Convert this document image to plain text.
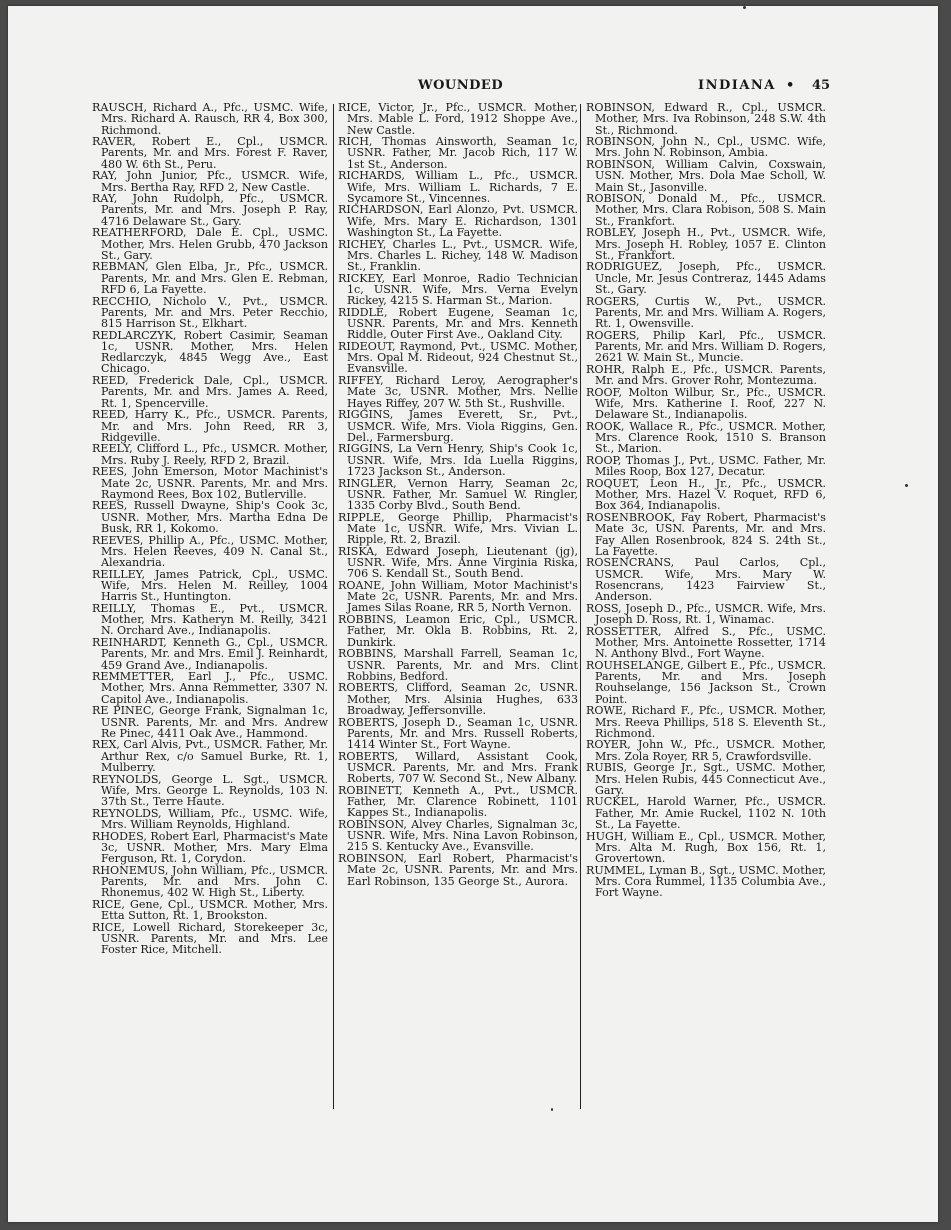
WOUNDED	INDIANA • 45

RAUSCH, Richard A., Pfc., USMC. Wife, Mrs. Richard A. Rausch, RR 4, Box 300, Richmond.

RAVER, Robert E., Cpl., USMCR. Parents, Mr. and Mrs. Forest F. Raver, 480 W. 6th St., Peru.

RAY, John Junior, Pfc., USMCR. Wife, Mrs. Bertha Ray, RFD 2, New Castle.

RAY, John Rudolph, Pfc., USMCR. Parents, Mr. and Mrs. Joseph P. Ray, 4716 Delaware St., Gary.

REATHERFORD, Dale E. Cpl., USMC. Mother, Mrs. Helen Grubb, 470 Jackson St., Gary.

REBMAN, Glen Elba, Jr., Pfc., USMCR. Parents, Mr. and Mrs. Glen E. Rebman, RFD 6, La Fayette.

RECCHIO, Nicholo V., Pvt., USMCR. Parents, Mr. and Mrs. Peter Recchio, 815 Harrison St., Elkhart.

REDLARCZYK, Robert Casimir, Seaman 1c, USNR. Mother, Mrs. Helen Redlarczyk, 4845 Wegg Ave., East Chicago.

REED, Frederick Dale, Cpl., USMCR. Parents, Mr. and Mrs. James A. Reed, Rt. 1, Spencerville.

REED, Harry K., Pfc., USMCR. Parents, Mr. and Mrs. John Reed, RR 3, Ridgeville.

REELY, Clifford L., Pfc., USMCR. Mother, Mrs. Ruby J. Reely, RFD 2, Brazil.

REES, John Emerson, Motor Machinist's Mate 2c, USNR. Parents, Mr. and Mrs. Raymond Rees, Box 102, Butlerville.

REES, Russell Dwayne, Ship's Cook 3c, USNR. Mother, Mrs. Martha Edna De Busk, RR 1, Kokomo.

REEVES, Phillip A., Pfc., USMC. Mother, Mrs. Helen Reeves, 409 N. Canal St., Alexandria.

REILLEY, James Patrick, Cpl., USMC. Wife, Mrs. Helen M. Reilley, 1004 Harris St., Huntington.

REILLY, Thomas E., Pvt., USMCR. Mother, Mrs. Katheryn M. Reilly, 3421 N. Orchard Ave., Indianapolis.

REINHARDT, Kenneth G., Cpl., USMCR. Parents, Mr. and Mrs. Emil J. Reinhardt, 459 Grand Ave., Indianapolis.

REMMETTER, Earl J., Pfc., USMC. Mother, Mrs. Anna Remmetter, 3307 N. Capitol Ave., Indianapolis.

RE PINEC, George Frank, Signalman 1c, USNR. Parents, Mr. and Mrs. Andrew Re Pinec, 4411 Oak Ave., Hammond.

REX, Carl Alvis, Pvt., USMCR. Father, Mr. Arthur Rex, c/o Samuel Burke, Rt. 1, Mulberry.

REYNOLDS, George L. Sgt., USMCR. Wife, Mrs. George L. Reynolds, 103 N. 37th St., Terre Haute.

REYNOLDS, William, Pfc., USMC. Wife, Mrs. William Reynolds, Highland.

RHODES, Robert Earl, Pharmacist's Mate 3c, USNR. Mother, Mrs. Mary Elma Ferguson, Rt. 1, Corydon.

RHONEMUS, John William, Pfc., USMCR. Parents, Mr. and Mrs. John C. Rhonemus, 402 W. High St., Liberty.

RICE, Gene, Cpl., USMCR. Mother, Mrs. Etta Sutton, Rt. 1, Brookston.

RICE, Lowell Richard, Storekeeper 3c, USNR. Parents, Mr. and Mrs. Lee Foster Rice, Mitchell.

RICE, Victor, Jr., Pfc., USMCR. Mother, Mrs. Mable L. Ford, 1912 Shoppe Ave., New Castle.

RICH, Thomas Ainsworth, Seaman 1c, USNR. Father, Mr. Jacob Rich, 117 W. 1st St., Anderson.

RICHARDS, William L., Pfc., USMCR. Wife, Mrs. William L. Richards, 7 E. Sycamore St., Vincennes.

RICHARDSON, Earl Alonzo, Pvt. USMCR. Wife, Mrs. Mary E. Richardson, 1301 Washington St., La Fayette.

RICHEY, Charles L., Pvt., USMCR. Wife, Mrs. Charles L. Richey, 148 W. Madison St., Franklin.

RICKEY, Earl Monroe, Radio Technician 1c, USNR. Wife, Mrs. Verna Evelyn Rickey, 4215 S. Harman St., Marion.

RIDDLE, Robert Eugene, Seaman 1c, USNR. Parents, Mr. and Mrs. Kenneth Riddle, Outer First Ave., Oakland City.

RIDEOUT, Raymond, Pvt., USMC. Mother, Mrs. Opal M. Rideout, 924 Chestnut St., Evansville.

RIFFEY, Richard Leroy, Aerographer's Mate 3c, USNR. Mother, Mrs. Nellie Hayes Riffey, 207 W. 5th St., Rushville.

RIGGINS, James Everett, Sr., Pvt., USMCR. Wife, Mrs. Viola Riggins, Gen. Del., Farmersburg.

RIGGINS, La Vern Henry, Ship's Cook 1c, USNR. Wife, Mrs. Ida Luella Riggins, 1723 Jackson St., Anderson.

RINGLER, Vernon Harry, Seaman 2c, USNR. Father, Mr. Samuel W. Ringler, 1335 Corby Blvd., South Bend.

RIPPLE, George Phillip, Pharmacist's Mate 1c, USNR. Wife, Mrs. Vivian L. Ripple, Rt. 2, Brazil.

RISKA, Edward Joseph, Lieutenant (jg), USNR. Wife, Mrs. Anne Virginia Riska, 706 S. Kendall St., South Bend.

ROANE, John William, Motor Machinist's Mate 2c, USNR. Parents, Mr. and Mrs. James Silas Roane, RR 5, North Vernon.

ROBBINS, Leamon Eric, Cpl., USMCR. Father, Mr. Okla B. Robbins, Rt. 2, Dunkirk.

ROBBINS, Marshall Farrell, Seaman 1c, USNR. Parents, Mr. and Mrs. Clint Robbins, Bedford.

ROBERTS, Clifford, Seaman 2c, USNR. Mother, Mrs. Alsinia Hughes, 633 Broadway, Jeffersonville.

ROBERTS, Joseph D., Seaman 1c, USNR. Parents, Mr. and Mrs. Russell Roberts, 1414 Winter St., Fort Wayne.

ROBERTS, Willard, Assistant Cook, USMCR. Parents, Mr. and Mrs. Frank Roberts, 707 W. Second St., New Albany.

ROBINETT, Kenneth A., Pvt., USMCR. Father, Mr. Clarence Robinett, 1101 Kappes St., Indianapolis.

ROBINSON, Alvey Charles, Signalman 3c, USNR. Wife, Mrs. Nina Lavon Robinson, 215 S. Kentucky Ave., Evansville.

ROBINSON, Earl Robert, Pharmacist's Mate 2c, USNR. Parents, Mr. and Mrs. Earl Robinson, 135 George St., Aurora.

ROBINSON, Edward R., Cpl., USMCR. Mother, Mrs. Iva Robinson, 248 S.W. 4th St., Richmond.

ROBINSON, John N., Cpl., USMC. Wife, Mrs. John N. Robinson, Ambia.

ROBINSON, William Calvin, Coxswain, USN. Mother, Mrs. Dola Mae Scholl, W. Main St., Jasonville.

ROBISON, Donald M., Pfc., USMCR. Mother, Mrs. Clara Robison, 508 S. Main St., Frankfort.

ROBLEY, Joseph H., Pvt., USMCR. Wife, Mrs. Joseph H. Robley, 1057 E. Clinton St., Frankfort.

RODRIGUEZ, Joseph, Pfc., USMCR. Uncle, Mr. Jesus Contreraz, 1445 Adams St., Gary.

ROGERS, Curtis W., Pvt., USMCR. Parents, Mr. and Mrs. William A. Rogers, Rt. 1, Owensville.

ROGERS, Philip Karl, Pfc., USMCR. Parents, Mr. and Mrs. William D. Rogers, 2621 W. Main St., Muncie.

ROHR, Ralph E., Pfc., USMCR. Parents, Mr. and Mrs. Grover Rohr, Montezuma.

ROOF, Molton Wilbur, Sr., Pfc., USMCR. Wife, Mrs. Katherine I. Roof, 227 N. Delaware St., Indianapolis.

ROOK, Wallace R., Pfc., USMCR. Mother, Mrs. Clarence Rook, 1510 S. Branson St., Marion.

ROOP, Thomas J., Pvt., USMC. Father, Mr. Miles Roop, Box 127, Decatur.

ROQUET, Leon H., Jr., Pfc., USMCR. Mother, Mrs. Hazel V. Roquet, RFD 6, Box 364, Indianapolis.

ROSENBROOK, Fay Robert, Pharmacist's Mate 3c, USN. Parents, Mr. and Mrs. Fay Allen Rosenbrook, 824 S. 24th St., La Fayette.

ROSENCRANS, Paul Carlos, Cpl., USMCR. Wife, Mrs. Mary W. Rosencrans, 1423 Fairview St., Anderson.

ROSS, Joseph D., Pfc., USMCR. Wife, Mrs. Joseph D. Ross, Rt. 1, Winamac.

ROSSETTER, Alfred S., Pfc., USMC. Mother, Mrs. Antoinette Rossetter, 1714 N. Anthony Blvd., Fort Wayne.

ROUHSELANGE, Gilbert E., Pfc., USMCR. Parents, Mr. and Mrs. Joseph Rouhselange, 156 Jackson St., Crown Point.

ROWE, Richard F., Pfc., USMCR. Mother, Mrs. Reeva Phillips, 518 S. Eleventh St., Richmond.

ROYER, John W., Pfc., USMCR. Mother, Mrs. Zola Royer, RR 5, Crawfordsville.

RUBIS, George Jr., Sgt., USMC. Mother, Mrs. Helen Rubis, 445 Connecticut Ave., Gary.

RUCKEL, Harold Warner, Pfc., USMCR. Father, Mr. Amie Ruckel, 1102 N. 10th St., La Fayette.

HUGH, William E., Cpl., USMCR. Mother, Mrs. Alta M. Rugh, Box 156, Rt. 1, Grovertown.

RUMMEL, Lyman B., Sgt., USMC. Mother, Mrs. Cora Rummel, 1135 Columbia Ave., Fort Wayne.
